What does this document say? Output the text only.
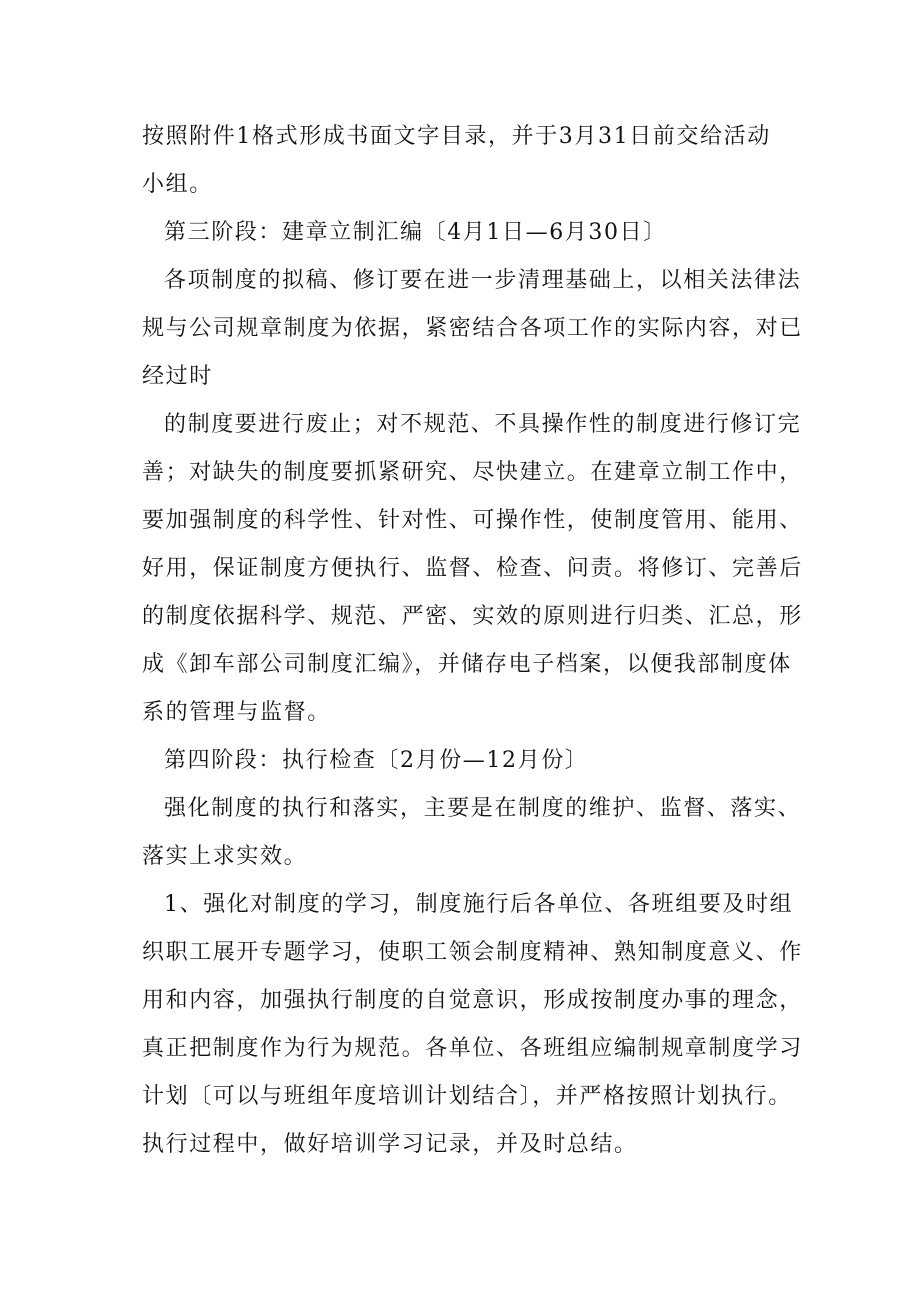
按照附件1格式形成书面文字目录，并于3月31日前交给活动

小组。

第三阶段：建章立制汇编〔4月1日—6月30日〕

各项制度的拟稿、修订要在进一步清理基础上，以相关法律法

规与公司规章制度为依据，紧密结合各项工作的实际内容，对已

经过时

的制度要进行废止；对不规范、不具操作性的制度进行修订完

善；对缺失的制度要抓紧研究、尽快建立。在建章立制工作中，

要加强制度的科学性、针对性、可操作性，使制度管用、能用、

好用，保证制度方便执行、监督、检查、问责。将修订、完善后

的制度依据科学、规范、严密、实效的原则进行归类、汇总，形

成《卸车部公司制度汇编》，并储存电子档案，以便我部制度体

系的管理与监督。

第四阶段：执行检查〔2月份—12月份〕

强化制度的执行和落实，主要是在制度的维护、监督、落实、

落实上求实效。

1、强化对制度的学习，制度施行后各单位、各班组要及时组

织职工展开专题学习，使职工领会制度精神、熟知制度意义、作

用和内容，加强执行制度的自觉意识，形成按制度办事的理念，

真正把制度作为行为规范。各单位、各班组应编制规章制度学习

计划〔可以与班组年度培训计划结合〕，并严格按照计划执行。

执行过程中，做好培训学习记录，并及时总结。
